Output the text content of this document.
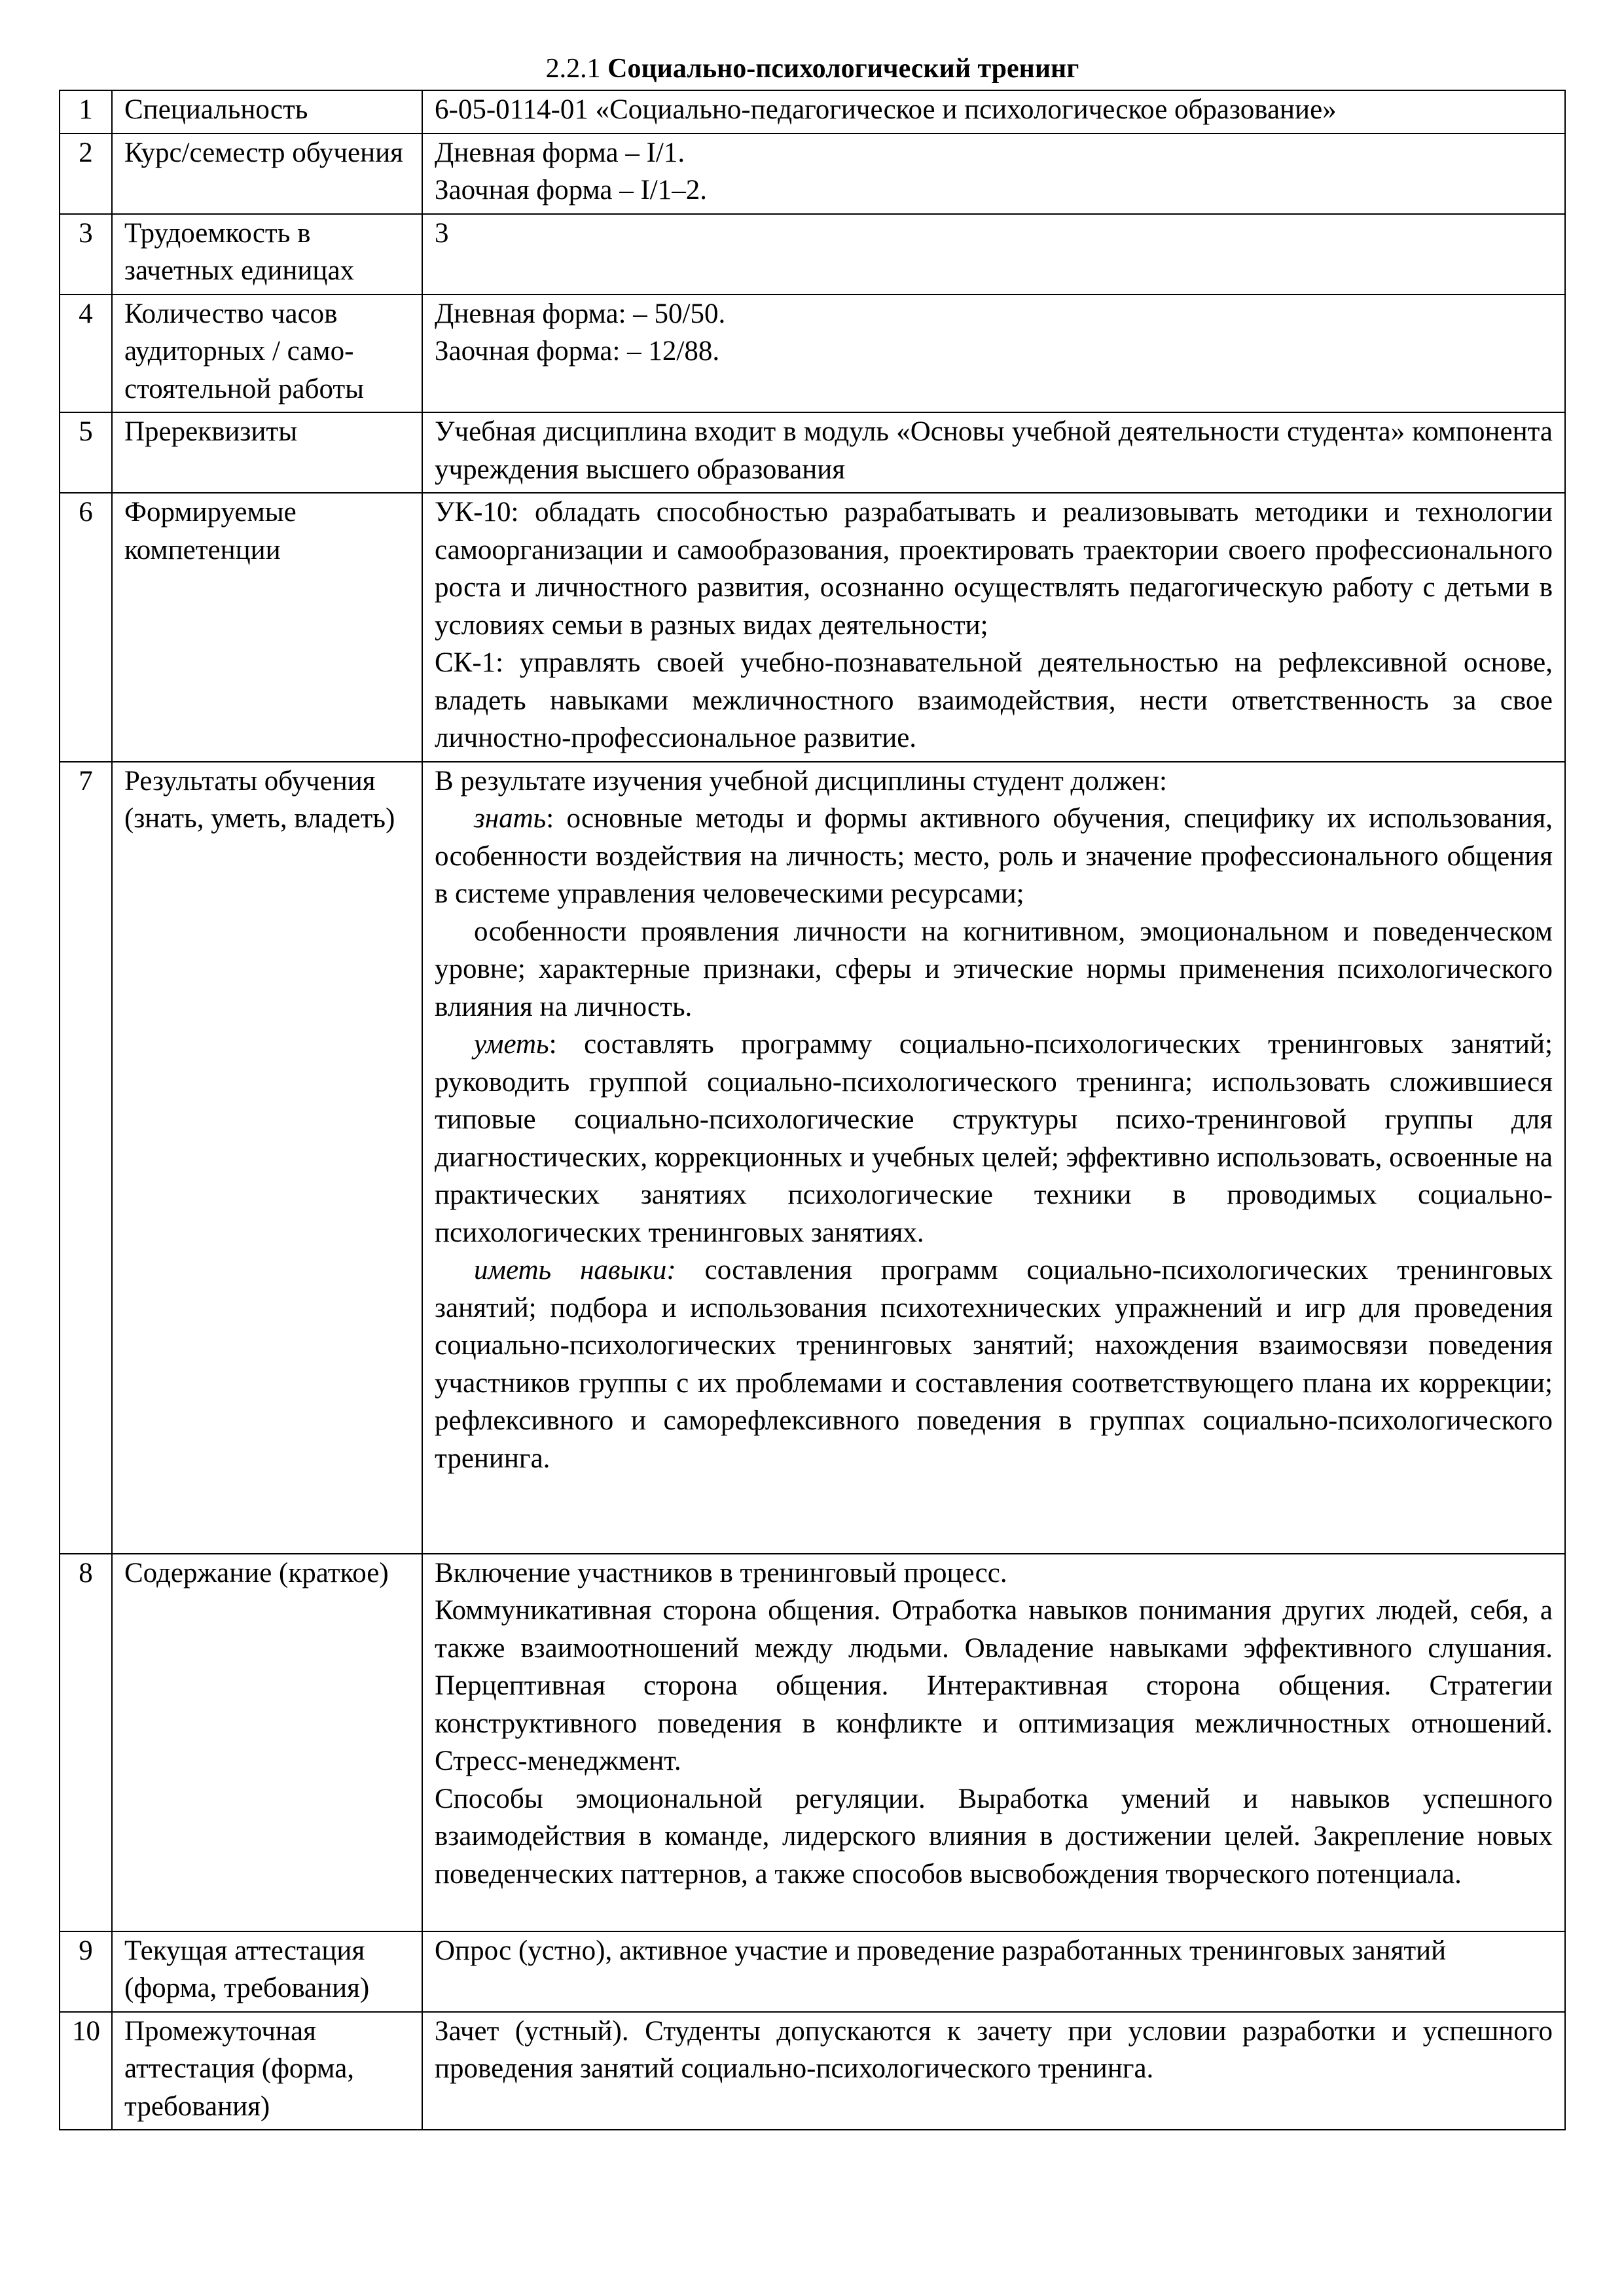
2.2.1 Социально-психологический тренинг
1	Специальность	6-05-0114-01 «Социально-педагогическое и психологическое образование»
2	Курс/семестр обучения	Дневная форма – I/1.
Заочная форма – I/1–2.

3	Трудоемкость в зачетных единицах	3
4	Количество часов аудиторных / само-стоятельной работы	Дневная форма: – 50/50.
Заочная форма: – 12/88.

5	Пререквизиты	Учебная дисциплина входит в модуль «Основы учебной деятельности студента» компонента учреждения высшего образования
6	Формируемые компетенции	УК-10: обладать способностью разрабатывать и реализовывать методики и технологии самоорганизации и самообразования, проектировать траектории своего профессионального роста и личностного развития, осознанно осуществлять педагогическую работу с детьми в условиях семьи в разных видах деятельности;
СК-1: управлять своей учебно-познавательной деятельностью на рефлексивной основе, владеть навыками межличностного взаимодействия, нести ответственность за свое личностно-профессиональное развитие.

7	Результаты обучения (знать, уметь, владеть)	В результате изучения учебной дисциплины студент должен:
знать: основные методы и формы активного обучения, специфику их использования, особенности воздействия на личность; место, роль и значение профессионального общения в системе управления человеческими ресурсами;
особенности проявления личности на когнитивном, эмоциональном и поведенческом уровне; характерные признаки, сферы и этические нормы применения психологического влияния на личность.
уметь: составлять программу социально-психологических тренинговых занятий; руководить группой социально-психологического тренинга; использовать сложившиеся типовые социально-психологические структуры психо-тренинговой группы для диагностических, коррекционных и учебных целей; эффективно использовать, освоенные на практических занятиях психологические техники в проводимых социально-психологических тренинговых занятиях.
иметь навыки: составления программ социально-психологических тренинговых занятий; подбора и использования психотехнических упражнений и игр для проведения социально-психологических тренинговых занятий; нахождения взаимосвязи поведения участников группы с их проблемами и составления соответствующего плана их коррекции; рефлексивного и саморефлексивного поведения в группах социально-психологического тренинга.

8	Содержание (краткое)	Включение участников в тренинговый процесс.
Коммуникативная сторона общения. Отработка навыков понимания других людей, себя, а также взаимоотношений между людьми. Овладение навыками эффективного слушания. Перцептивная сторона общения. Интерактивная сторона общения. Стратегии конструктивного поведения в конфликте и оптимизация межличностных отношений. Стресс-менеджмент.
Способы эмоциональной регуляции. Выработка умений и навыков успешного взаимодействия в команде, лидерского влияния в достижении целей. Закрепление новых поведенческих паттернов, а также способов высвобождения творческого потенциала.

9	Текущая аттестация (форма, требования)	Опрос (устно), активное участие и проведение разработанных тренинговых занятий
10	Промежуточная аттестация (форма, требования)	Зачет (устный). Студенты допускаются к зачету при условии разработки и успешного проведения занятий социально-психологического тренинга.
